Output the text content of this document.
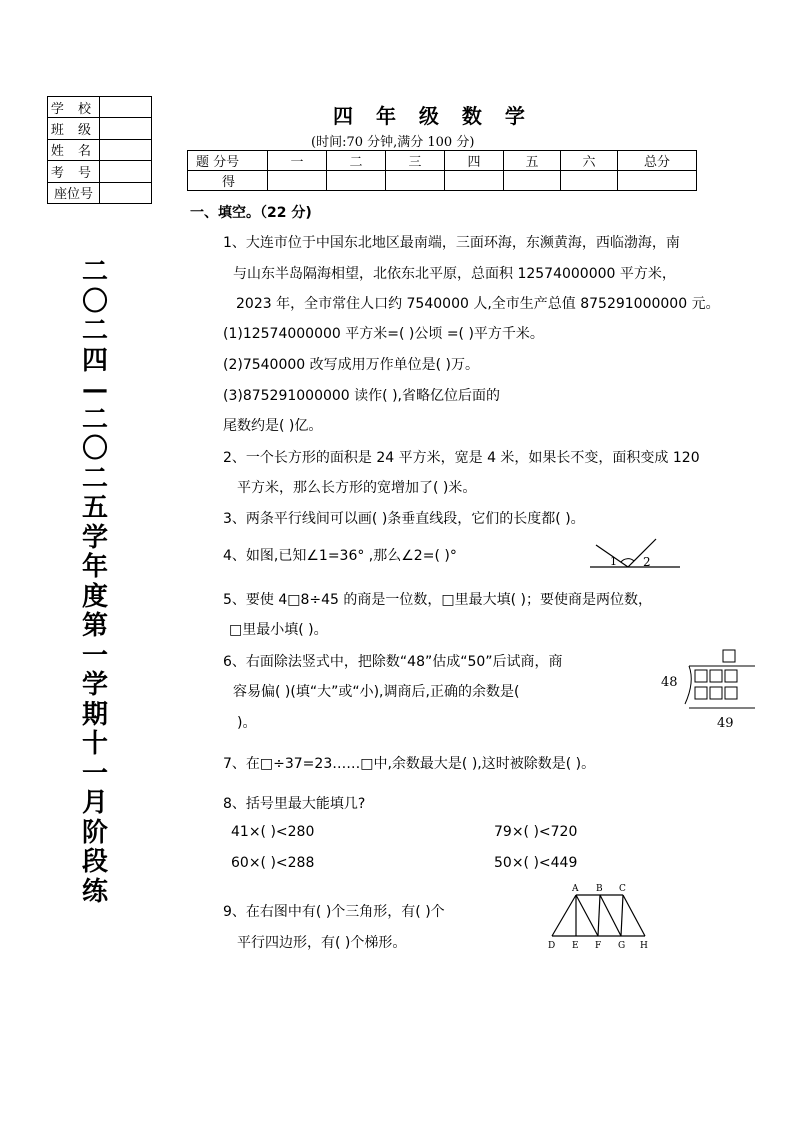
学 校	
班 级	
姓 名	
考 号	
座位号	
二
〇
二
四
—
二
〇
二
五
学
年
度
第
一
学
期
十
一
月
阶
段
练
四 年 级 数 学
(时间:70 分钟,满分 100 分)
题 分号	一	二	三	四	五	六	总分
得							
一、填空。（22 分)
1、大连市位于中国东北地区最南端，三面环海，东濒黄海，西临渤海，南
与山东半岛隔海相望，北依东北平原，总面积 12574000000 平方米，
2023 年，全市常住人口约 7540000 人,全市生产总值 875291000000 元。
(1)12574000000 平方米=( )公顷 =( )平方千米。
(2)7540000 改写成用万作单位是( )万。
(3)875291000000 读作( ),省略亿位后面的
尾数约是( )亿。
2、一个长方形的面积是 24 平方米，宽是 4 米，如果长不变，面积变成 120
平方米，那么长方形的宽增加了( )米。
3、两条平行线间可以画( )条垂直线段，它们的长度都( )。
4、如图,已知∠1=36° ,那么∠2=( )°
5、要使 4□8÷45 的商是一位数，□里最大填( )；要使商是两位数，
□里最小填( )。
6、右面除法竖式中，把除数“48”估成“50”后试商，商
容易偏( )(填“大”或“小),调商后,正确的余数是(
)。
7、在□÷37=23……□中,余数最大是( ),这时被除数是( )。
8、括号里最大能填几?
41×( )<280	79×( )<720
60×( )<288	50×( )<449
9、在右图中有( )个三角形，有( )个
平行四边形，有( )个梯形。
1 2
48
49
A B C
D E F G H
